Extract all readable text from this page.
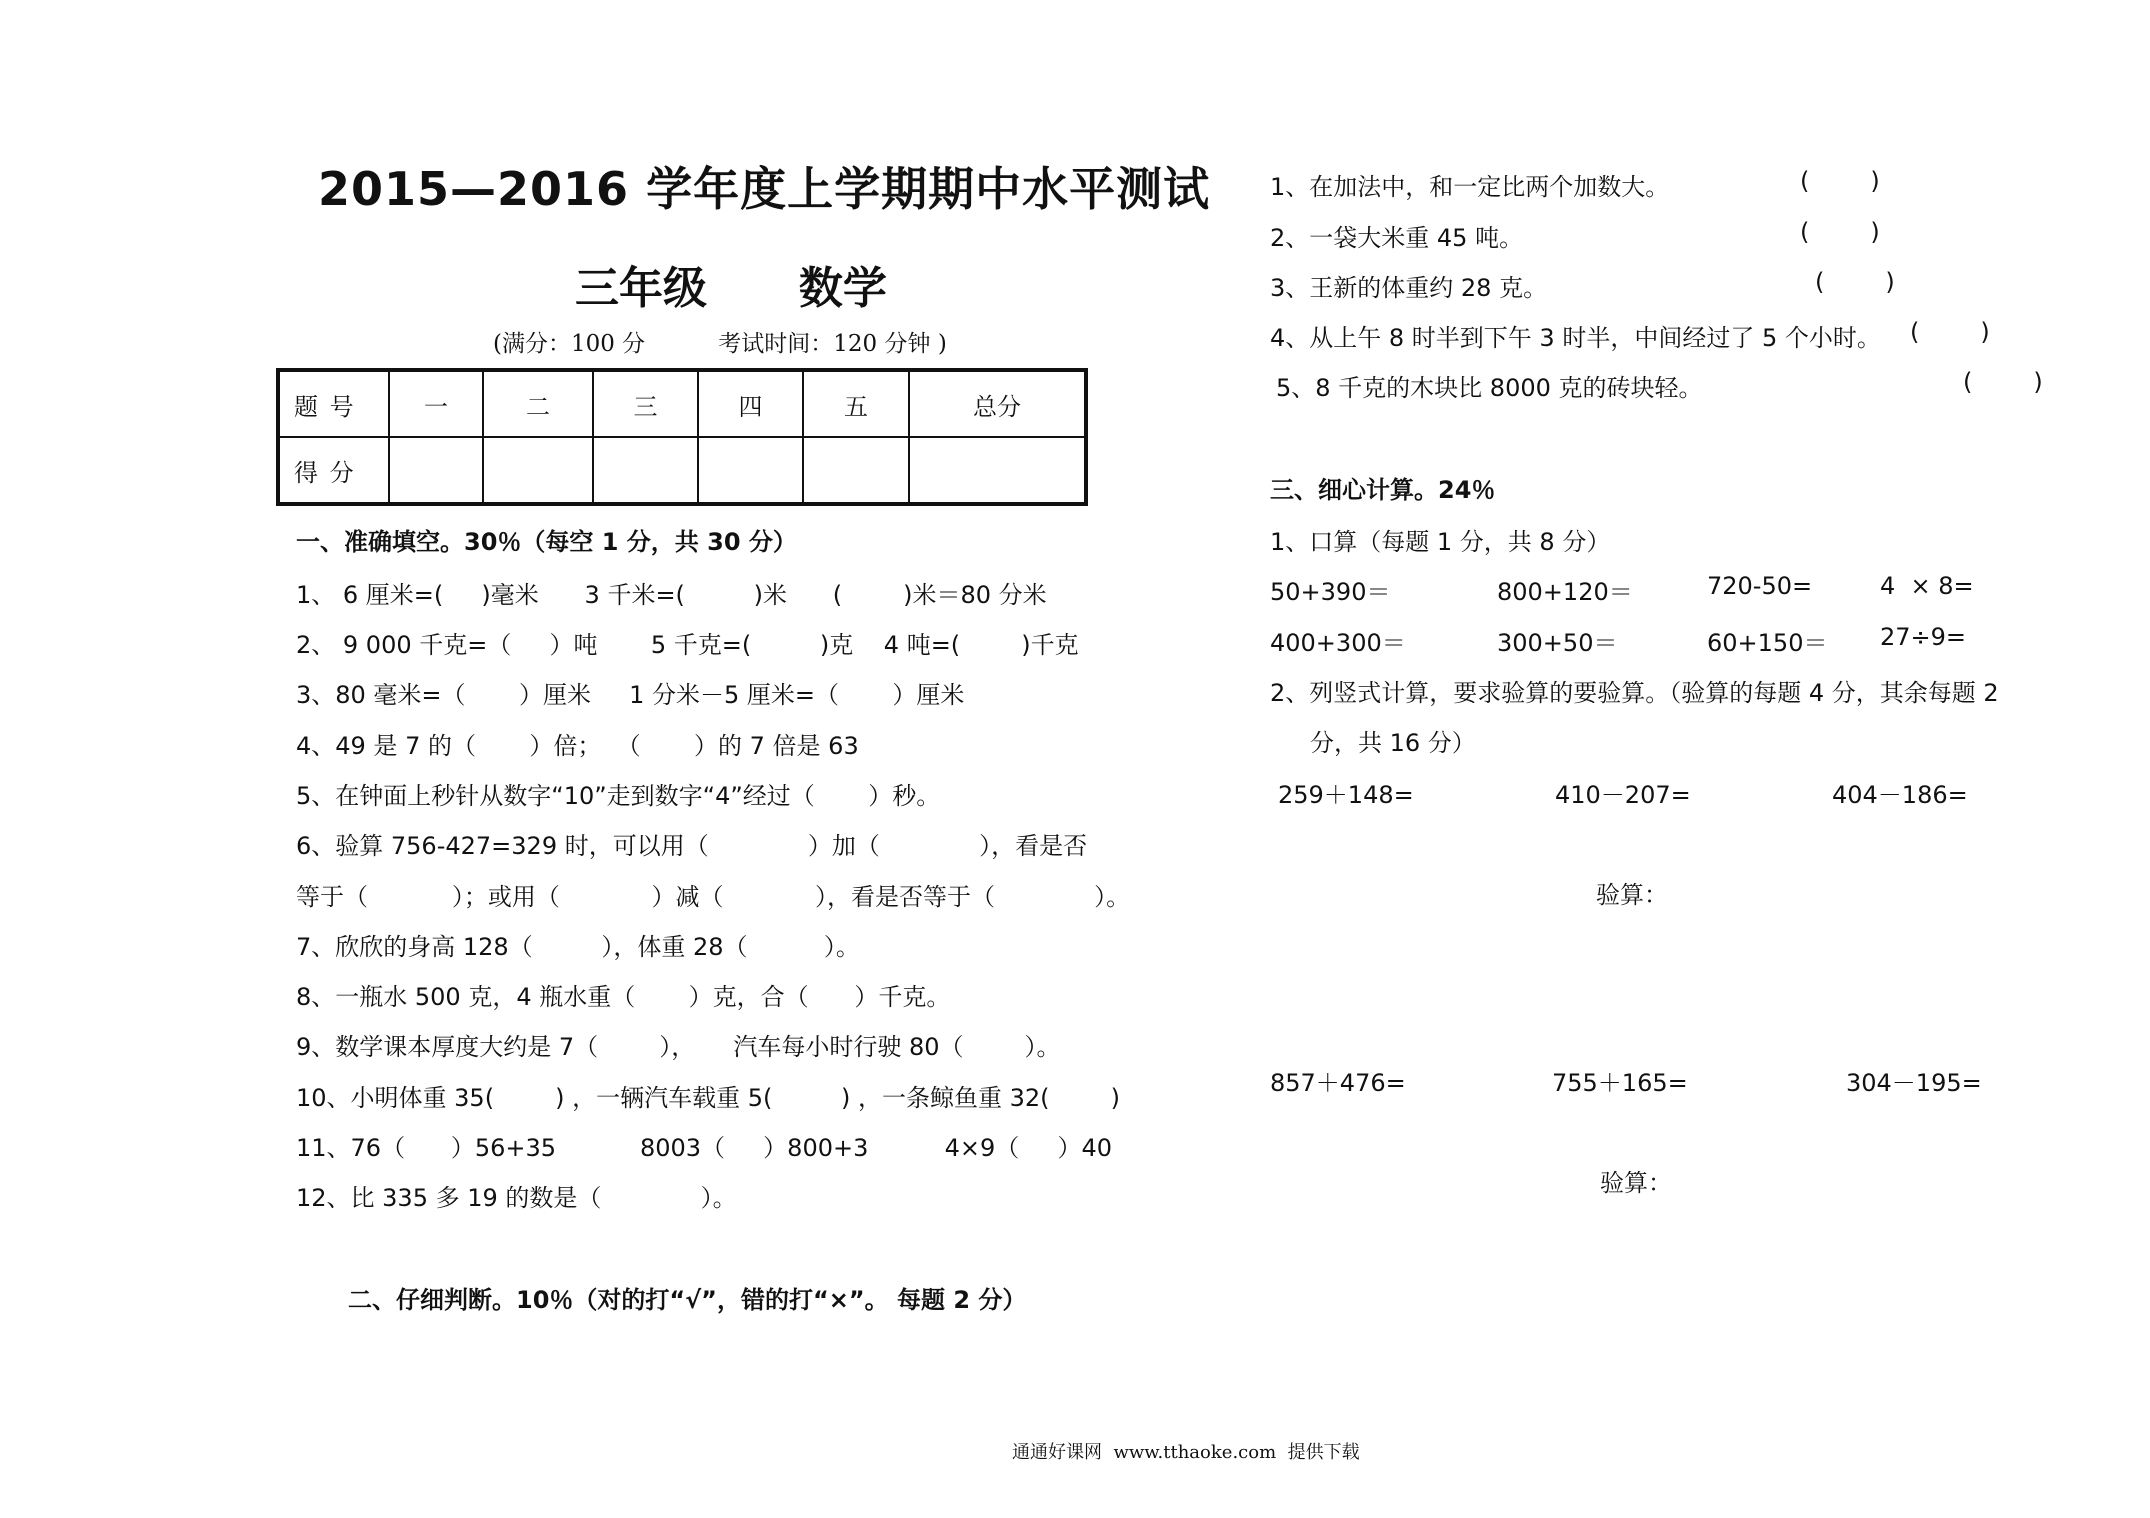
2015—2016 学年度上学期期中水平测试
三年级      数学
(满分：100 分          考试时间：120 分钟 )
题 号	一	二	三	四	五	总分
得 分						
一、准确填空。30％（每空 1 分，共 30 分）
1、 6 厘米=(     )毫米      3 千米=(         )米      (        )米＝80 分米
2、 9 000 千克=（     ）吨       5 千克=(         )克    4 吨=(        )千克
3、80 毫米=（       ）厘米     1 分米－5 厘米=（       ）厘米
4、49 是 7 的（       ）倍；  （       ）的 7 倍是 63
5、在钟面上秒针从数字“10”走到数字“4”经过（       ）秒。
6、验算 756-427=329 时，可以用（             ）加（             ），看是否
等于（           ）；或用（            ）减（            ），看是否等于（             ）。
7、欣欣的身高 128（         ），体重 28（          ）。
8、一瓶水 500 克，4 瓶水重（       ）克，合（      ）千克。
9、数学课本厚度大约是 7（        ），     汽车每小时行驶 80（        ）。
10、小明体重 35(        ) ，一辆汽车载重 5(         ) ，一条鲸鱼重 32(        )
11、76（      ）56+35           8003（     ）800+3          4×9（     ）40
12、比 335 多 19 的数是（             ）。
二、仔细判断。10％（对的打“√”，错的打“×”。 每题 2 分）
1、在加法中，和一定比两个加数大。	(        )
2、一袋大米重 45 吨。	(        )
3、王新的体重约 28 克。	(        )
4、从上午 8 时半到下午 3 时半，中间经过了 5 个小时。 (        )
5、8 千克的木块比 8000 克的砖块轻。	(        )
三、细心计算。24％
1、口算（每题 1 分，共 8 分）
50+390＝	800+120＝	720-50=	4  × 8=
400+300＝	300+50＝	60+150＝ 27÷9=
2、列竖式计算，要求验算的要验算。（验算的每题 4 分，其余每题 2
分，共 16 分）
259＋148=	410－207=	404－186=
验算：
857＋476=	755＋165=	304－195=
验算：
通通好课网  www.tthaoke.com  提供下载
